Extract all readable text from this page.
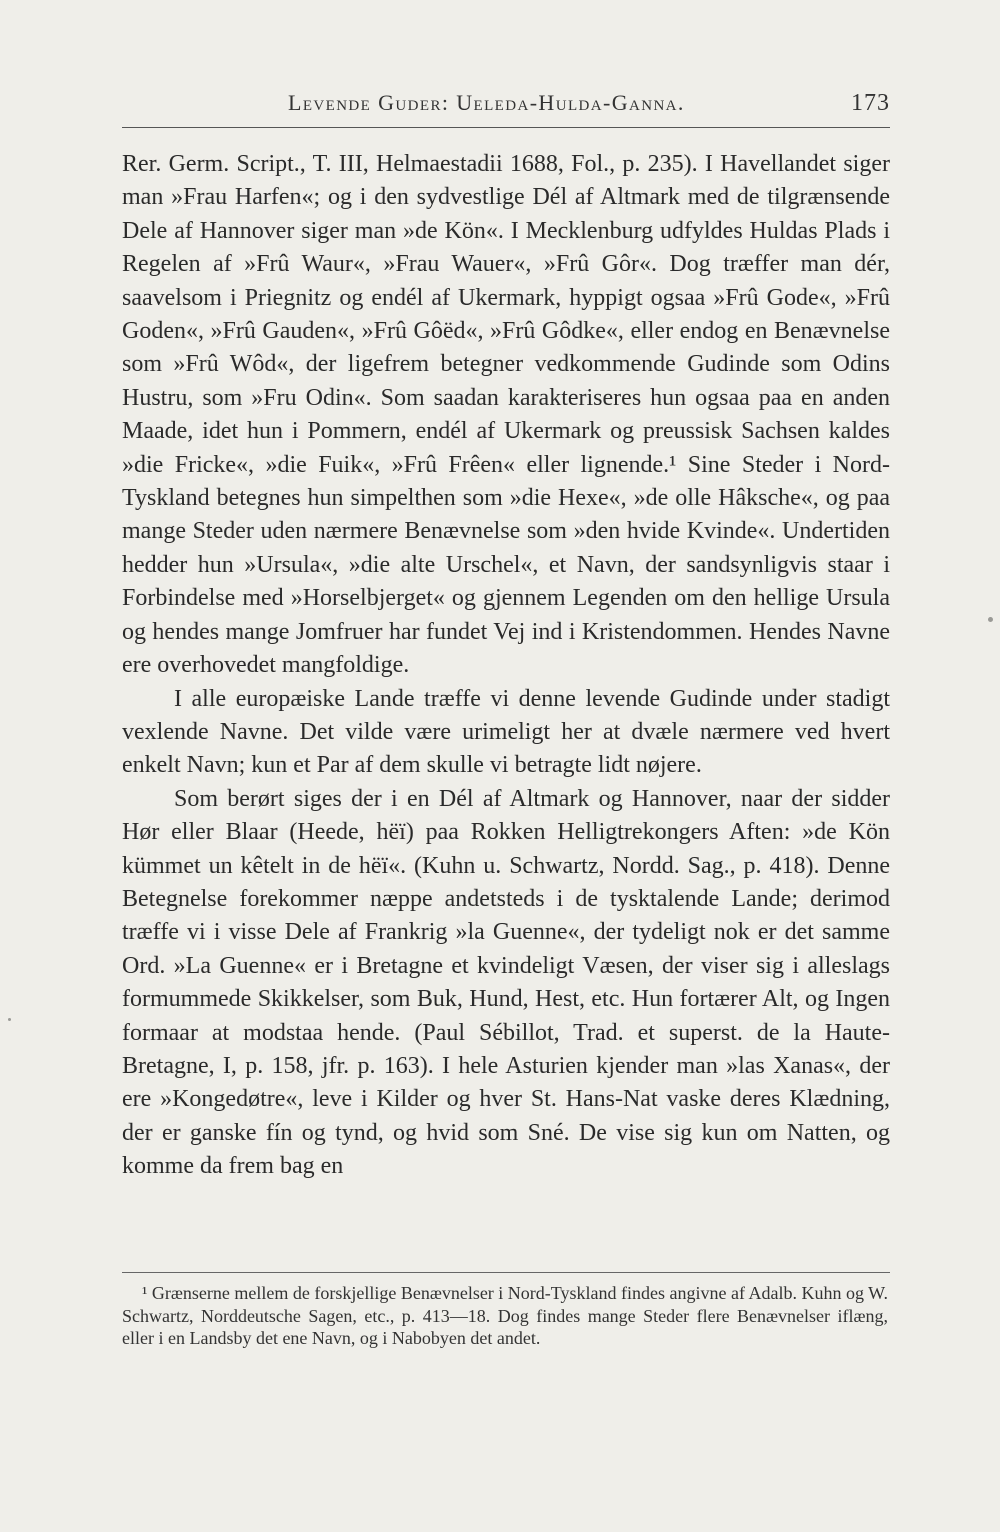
Levende Guder: Ueleda-Hulda-Ganna.	173

Rer. Germ. Script., T. III, Helmaestadii 1688, Fol., p. 235). I Havellandet siger man »Frau Harfen«; og i den sydvestlige Dél af Altmark med de tilgrænsende Dele af Hannover siger man »de Kön«. I Mecklenburg udfyldes Huldas Plads i Regelen af »Frû Waur«, »Frau Wauer«, »Frû Gôr«. Dog træffer man dér, saavelsom i Priegnitz og endél af Ukermark, hyppigt ogsaa »Frû Gode«, »Frû Goden«, »Frû Gauden«, »Frû Gôëd«, »Frû Gôdke«, eller endog en Benævnelse som »Frû Wôd«, der ligefrem betegner vedkommende Gudinde som Odins Hustru, som »Fru Odin«. Som saadan karakteriseres hun ogsaa paa en anden Maade, idet hun i Pommern, endél af Ukermark og preussisk Sachsen kaldes »die Fricke«, »die Fuik«, »Frû Frêen« eller lignende.¹ Sine Steder i Nord-Tyskland betegnes hun simpelthen som »die Hexe«, »de olle Hâksche«, og paa mange Steder uden nærmere Benævnelse som »den hvide Kvinde«. Undertiden hedder hun »Ursula«, »die alte Urschel«, et Navn, der sandsynligvis staar i Forbindelse med »Horselbjerget« og gjennem Legenden om den hellige Ursula og hendes mange Jomfruer har fundet Vej ind i Kristendommen. Hendes Navne ere overhovedet mangfoldige.

I alle europæiske Lande træffe vi denne levende Gudinde under stadigt vexlende Navne. Det vilde være urimeligt her at dvæle nærmere ved hvert enkelt Navn; kun et Par af dem skulle vi betragte lidt nøjere.

Som berørt siges der i en Dél af Altmark og Hannover, naar der sidder Hør eller Blaar (Heede, hëï) paa Rokken Helligtrekongers Aften: »de Kön kümmet un kêtelt in de hëï«. (Kuhn u. Schwartz, Nordd. Sag., p. 418). Denne Betegnelse forekommer næppe andetsteds i de tysktalende Lande; derimod træffe vi i visse Dele af Frankrig »la Guenne«, der tydeligt nok er det samme Ord. »La Guenne« er i Bretagne et kvindeligt Væsen, der viser sig i alleslags formummede Skikkelser, som Buk, Hund, Hest, etc. Hun fortærer Alt, og Ingen formaar at modstaa hende. (Paul Sébillot, Trad. et superst. de la Haute-Bretagne, I, p. 158, jfr. p. 163). I hele Asturien kjender man »las Xanas«, der ere »Kongedøtre«, leve i Kilder og hver St. Hans-Nat vaske deres Klædning, der er ganske fín og tynd, og hvid som Sné. De vise sig kun om Natten, og komme da frem bag en

¹ Grænserne mellem de forskjellige Benævnelser i Nord-Tyskland findes angivne af Adalb. Kuhn og W. Schwartz, Norddeutsche Sagen, etc., p. 413—18. Dog findes mange Steder flere Benævnelser iflæng, eller i en Landsby det ene Navn, og i Nabobyen det andet.
